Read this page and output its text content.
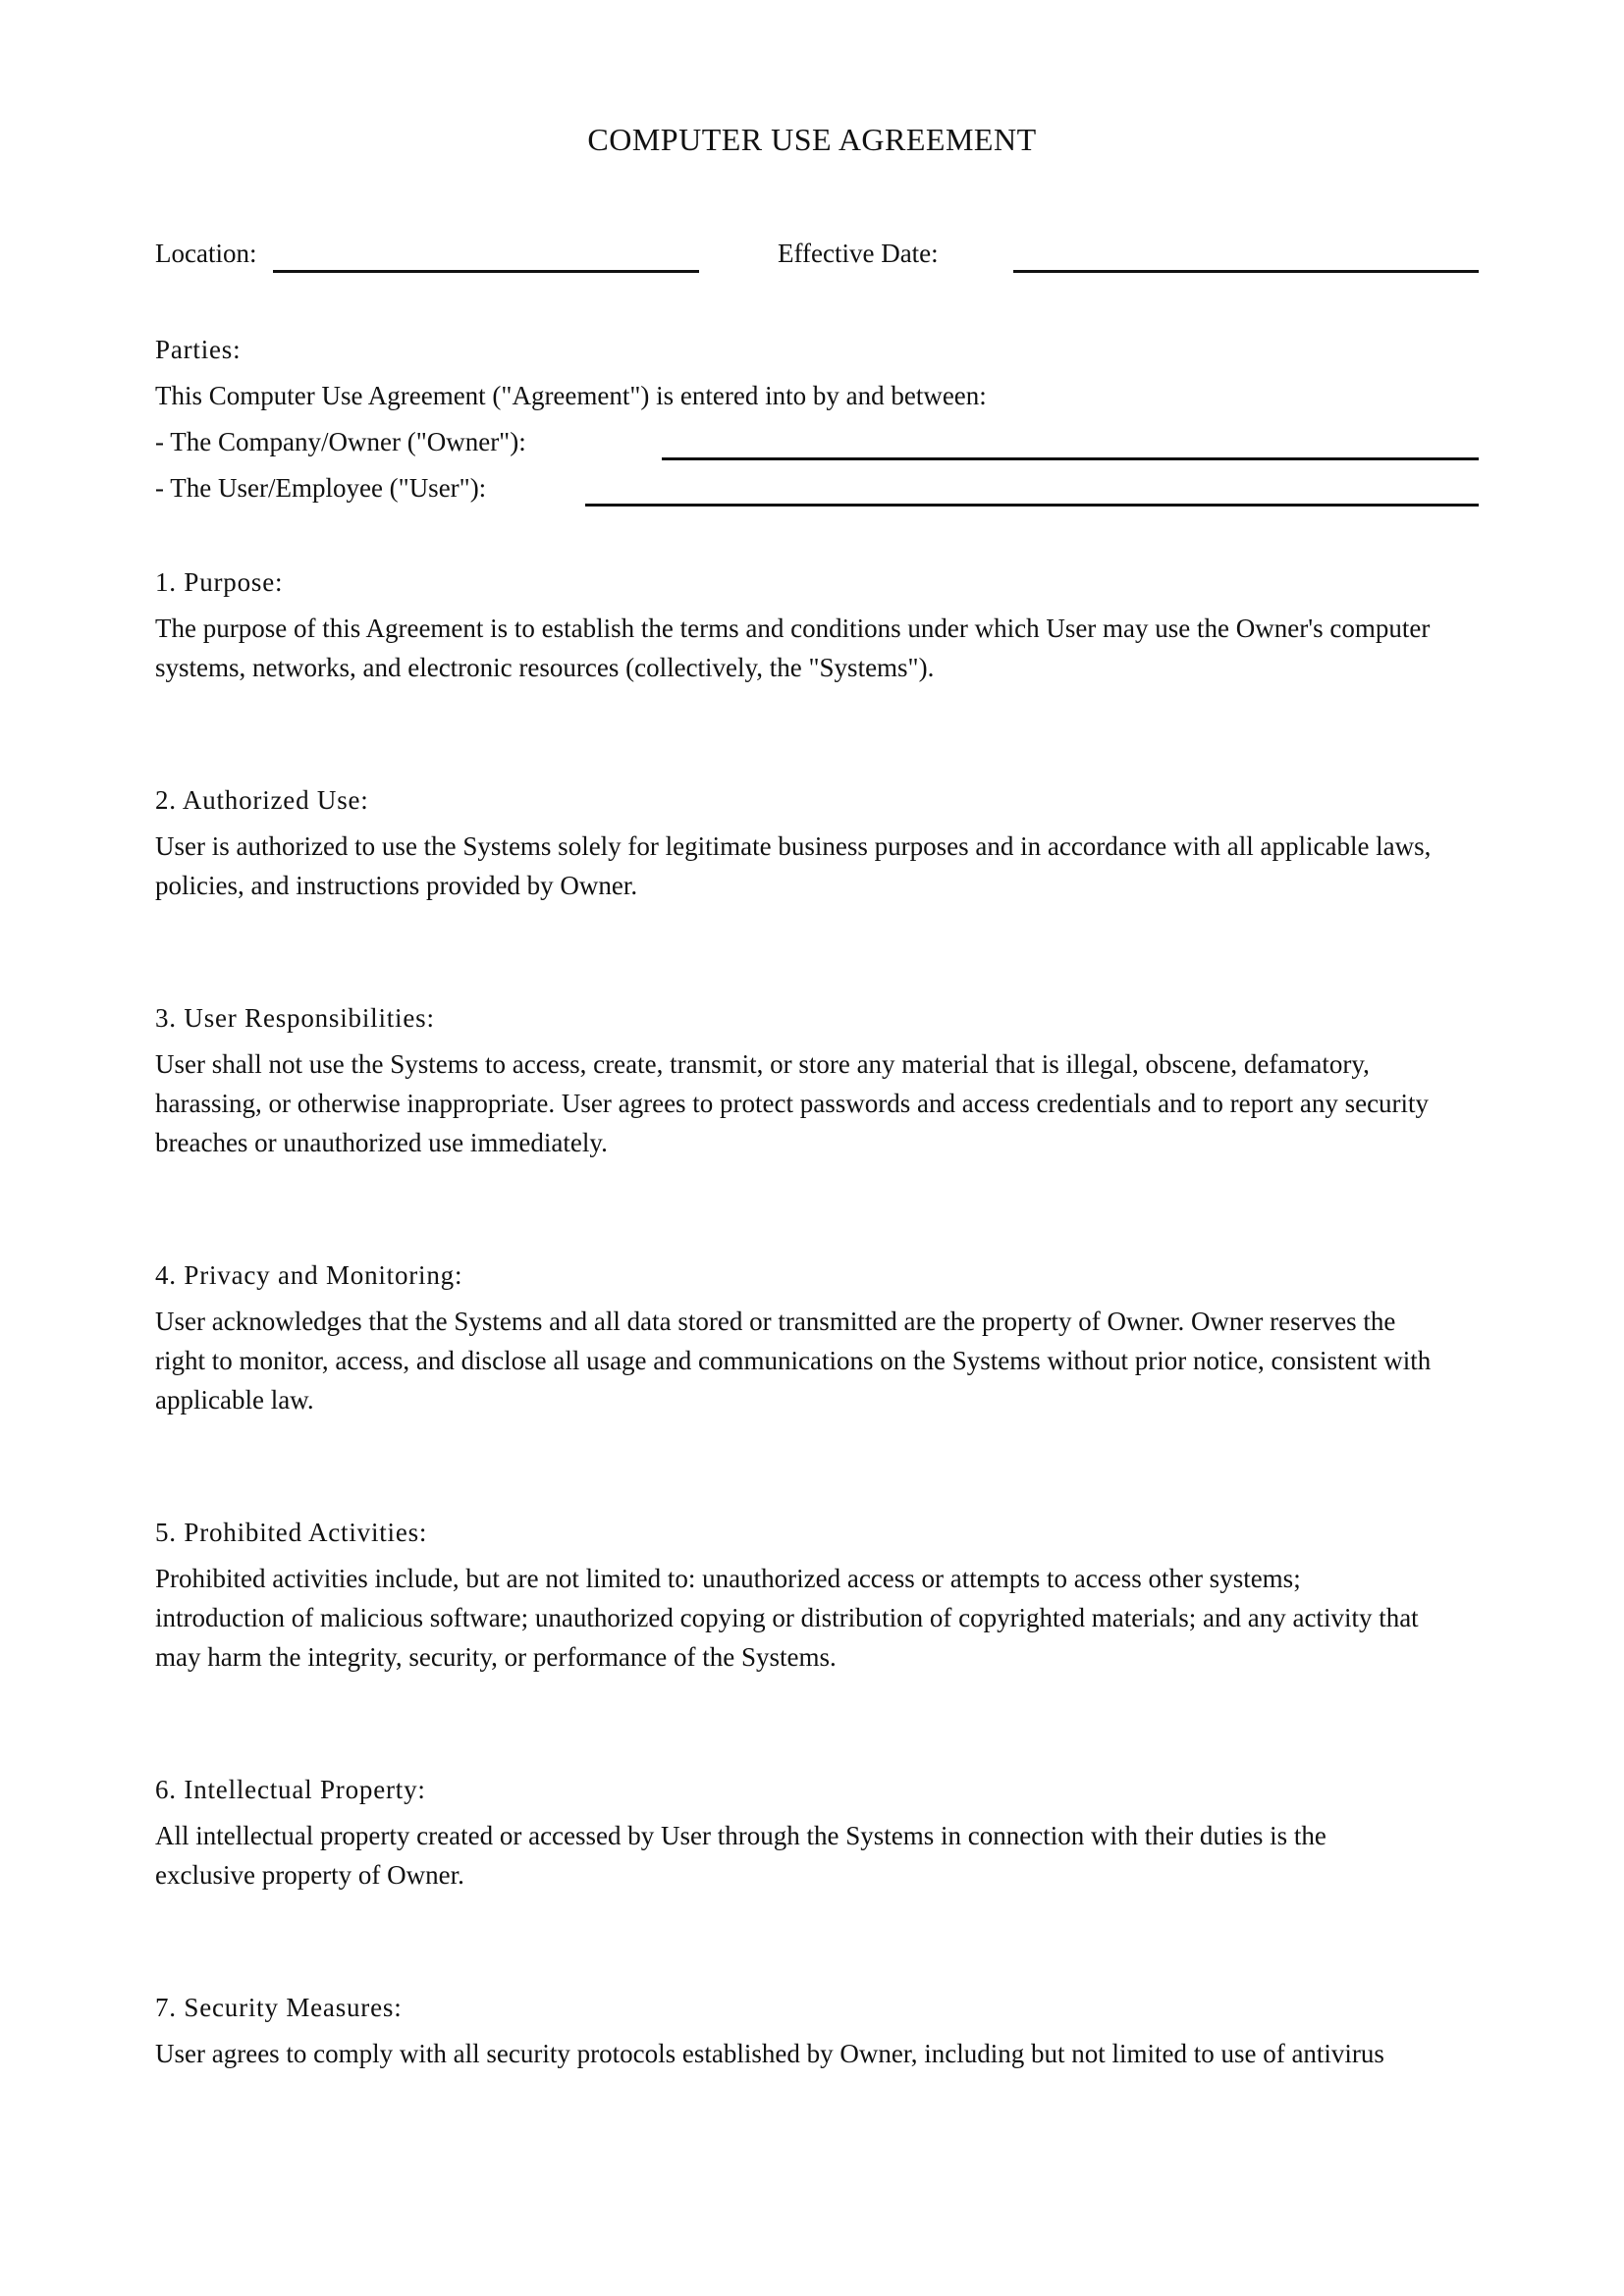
COMPUTER USE AGREEMENT
Location:	Effective Date:
Parties:
This Computer Use Agreement ("Agreement") is entered into by and between:
- The Company/Owner ("Owner"):
- The User/Employee ("User"):
1. Purpose:
The purpose of this Agreement is to establish the terms and conditions under which User may use the Owner's computer
systems, networks, and electronic resources (collectively, the "Systems").
2. Authorized Use:
User is authorized to use the Systems solely for legitimate business purposes and in accordance with all applicable laws,
policies, and instructions provided by Owner.
3. User Responsibilities:
User shall not use the Systems to access, create, transmit, or store any material that is illegal, obscene, defamatory,
harassing, or otherwise inappropriate. User agrees to protect passwords and access credentials and to report any security
breaches or unauthorized use immediately.
4. Privacy and Monitoring:
User acknowledges that the Systems and all data stored or transmitted are the property of Owner. Owner reserves the
right to monitor, access, and disclose all usage and communications on the Systems without prior notice, consistent with
applicable law.
5. Prohibited Activities:
Prohibited activities include, but are not limited to: unauthorized access or attempts to access other systems;
introduction of malicious software; unauthorized copying or distribution of copyrighted materials; and any activity that
may harm the integrity, security, or performance of the Systems.
6. Intellectual Property:
All intellectual property created or accessed by User through the Systems in connection with their duties is the
exclusive property of Owner.
7. Security Measures:
User agrees to comply with all security protocols established by Owner, including but not limited to use of antivirus
